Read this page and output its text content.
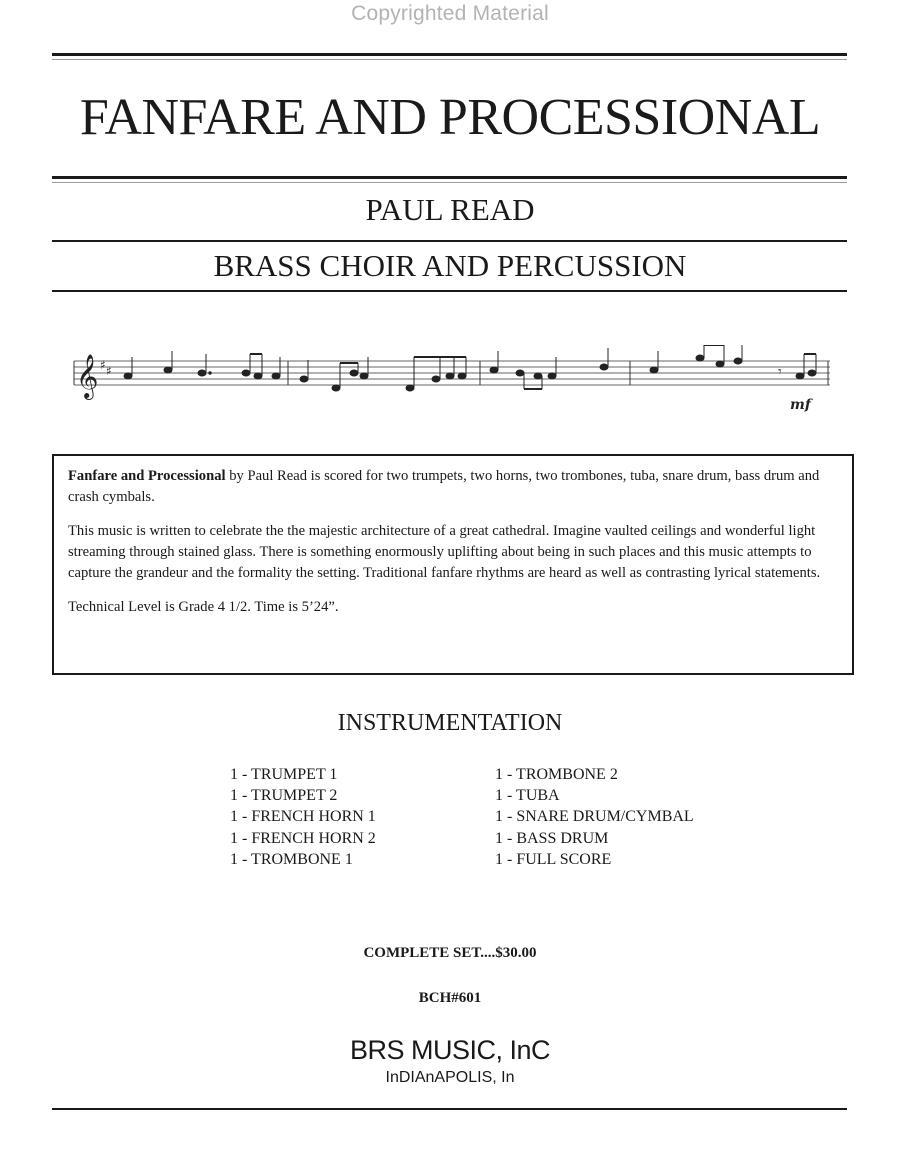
Copyrighted Material
FANFARE AND PROCESSIONAL
PAUL READ
BRASS CHOIR AND PERCUSSION
𝄞 ♯ ♯	𝄾
mf

Fanfare and Processional by Paul Read is scored for two trumpets, two horns, two trombones, tuba, snare drum, bass drum and crash cymbals.

This music is written to celebrate the the majestic architecture of a great cathedral. Imagine vaulted ceilings and wonderful light streaming through stained glass. There is something enormously uplifting about being in such places and this music attempts to capture the grandeur and the formality the setting. Traditional fanfare rhythms are heard as well as contrasting lyrical statements.

Technical Level is Grade 4 1/2. Time is 5’24”.

INSTRUMENTATION
1 - TRUMPET 1
1 - TRUMPET 2
1 - FRENCH HORN 1
1 - FRENCH HORN 2
1 - TROMBONE 1
1 - TROMBONE 2
1 - TUBA
1 - SNARE DRUM/CYMBAL
1 - BASS DRUM
1 - FULL SCORE
COMPLETE SET....$30.00
BCH#601
BRS MUSIC, InC
InDIAnAPOLIS, In
